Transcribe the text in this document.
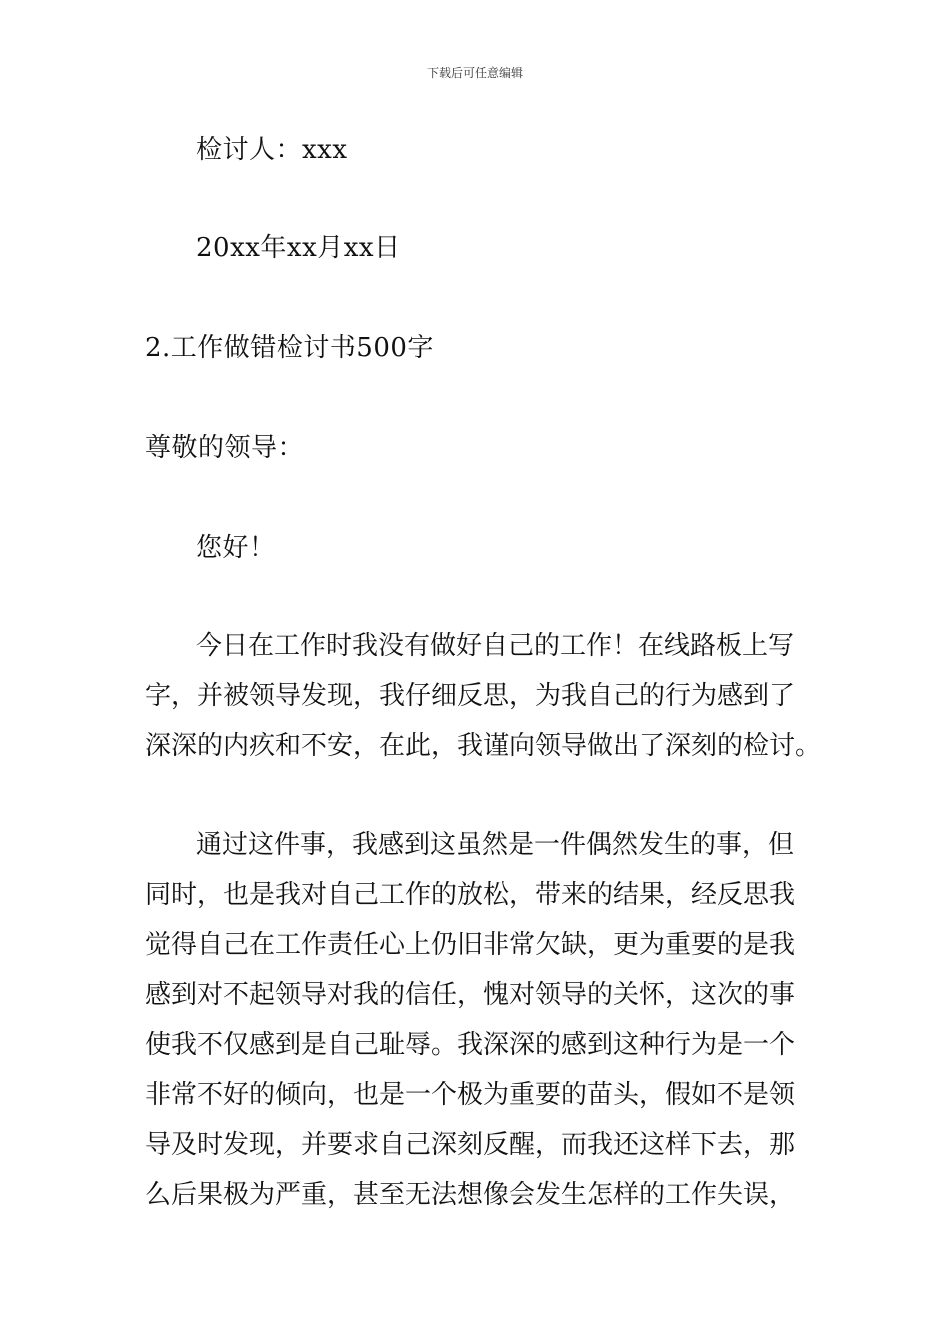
下载后可任意编辑
检讨人：xxx
20xx年xx月xx日
2.工作做错检讨书500字
尊敬的领导：
您好！
今日在工作时我没有做好自己的工作！在线路板上写
字，并被领导发现，我仔细反思，为我自己的行为感到了
深深的内疚和不安，在此，我谨向领导做出了深刻的检讨。
通过这件事，我感到这虽然是一件偶然发生的事，但
同时，也是我对自己工作的放松，带来的结果，经反思我
觉得自己在工作责任心上仍旧非常欠缺，更为重要的是我
感到对不起领导对我的信任，愧对领导的关怀，这次的事
使我不仅感到是自己耻辱。我深深的感到这种行为是一个
非常不好的倾向，也是一个极为重要的苗头，假如不是领
导及时发现，并要求自己深刻反醒，而我还这样下去，那
么后果极为严重，甚至无法想像会发生怎样的工作失误，
